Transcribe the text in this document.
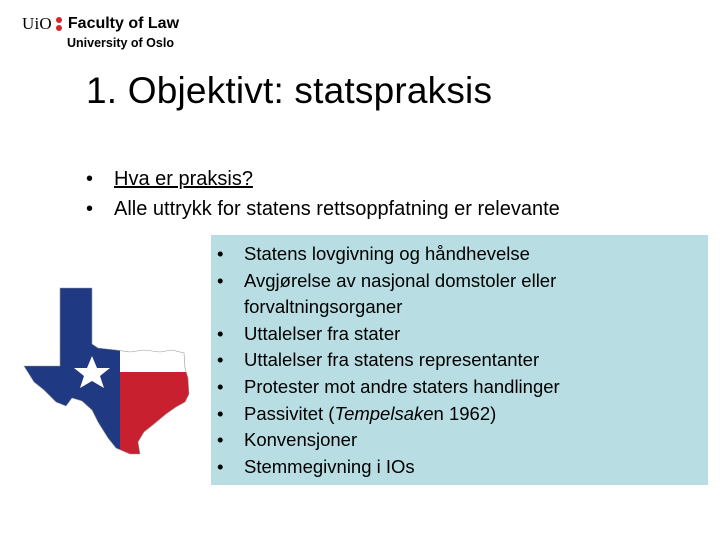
UiO Faculty of Law
University of Oslo
1. Objektivt: statspraksis
• Hva er praksis?
• Alle uttrykk for statens rettsoppfatning er relevante
• Statens lovgivning og håndhevelse
• Avgjørelse av nasjonal domstoler eller
forvaltningsorganer
• Uttalelser fra stater
• Uttalelser fra statens representanter
• Protester mot andre staters handlinger
• Passivitet (Tempelsaken 1962)
• Konvensjoner
• Stemmegivning i IOs
